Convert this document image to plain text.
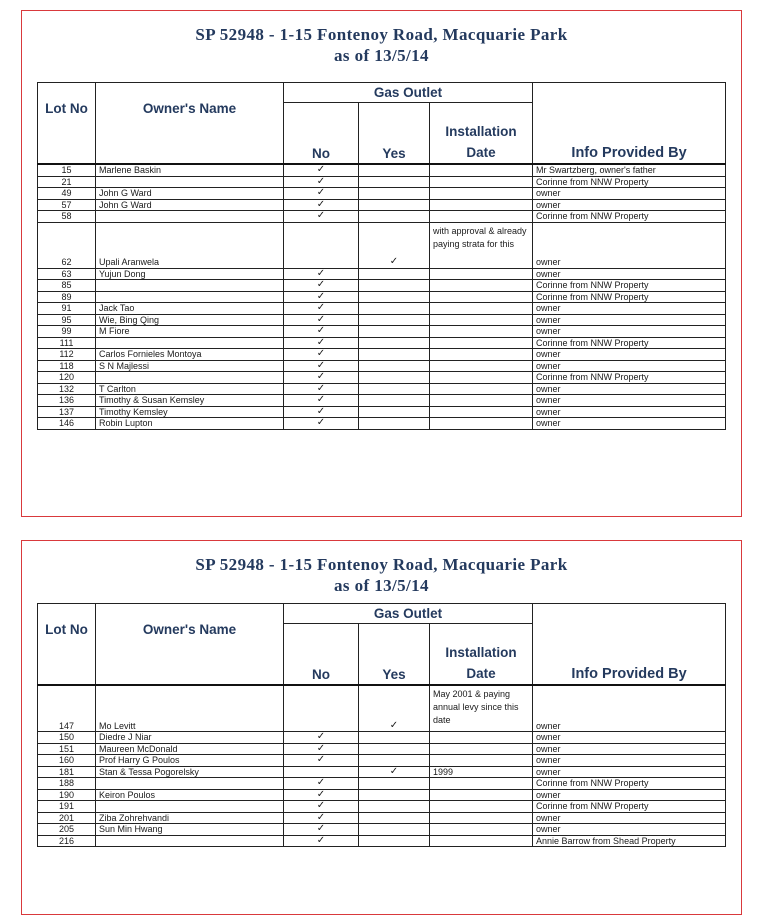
SP 52948 - 1-15 Fontenoy Road, Macquarie Park
as of 13/5/14
Lot No	Owner's Name	Gas Outlet			Info Provided By
		No	Yes	Installation Date	
15	Marlene Baskin	✓			Mr Swartzberg, owner's father
21		✓			Corinne from NNW Property
49	John G Ward	✓			owner
57	John G Ward	✓			owner
58		✓			Corinne from NNW Property
62	Upali Aranwela		✓	with approval & already paying strata for this	owner
63	Yujun Dong	✓			owner
85		✓			Corinne from NNW Property
89		✓			Corinne from NNW Property
91	Jack Tao	✓			owner
95	Wie, Bing Qing	✓			owner
99	M Fiore	✓			owner
111		✓			Corinne from NNW Property
112	Carlos Fornieles Montoya	✓			owner
118	S N Majlessi	✓			owner
120		✓			Corinne from NNW Property
132	T Carlton	✓			owner
136	Timothy & Susan Kemsley	✓			owner
137	Timothy Kemsley	✓			owner
146	Robin Lupton	✓			owner
SP 52948 - 1-15 Fontenoy Road, Macquarie Park
as of 13/5/14
Lot No	Owner's Name	Gas Outlet			Info Provided By
		No	Yes	Installation Date	
147	Mo Levitt		✓	May 2001 & paying annual levy since this date	owner
150	Diedre J Niar	✓			owner
151	Maureen McDonald	✓			owner
160	Prof Harry G Poulos	✓			owner
181	Stan & Tessa Pogorelsky		✓	1999	owner
188		✓			Corinne from NNW Property
190	Keiron Poulos	✓			owner
191		✓			Corinne from NNW Property
201	Ziba Zohrehvandi	✓			owner
205	Sun Min Hwang	✓			owner
216		✓			Annie Barrow from Shead Property
